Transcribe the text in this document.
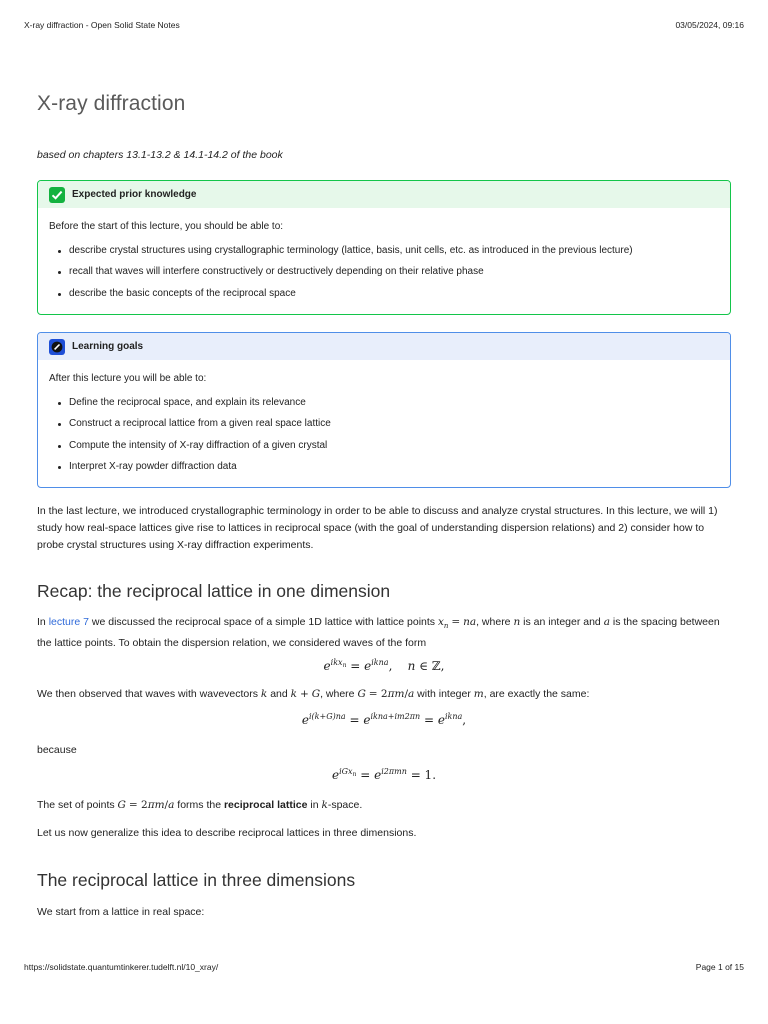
X-ray diffraction - Open Solid State Notes	03/05/2024, 09:16
X-ray diffraction
based on chapters 13.1-13.2 & 14.1-14.2 of the book
Expected prior knowledge

Before the start of this lecture, you should be able to:

describe crystal structures using crystallographic terminology (lattice, basis, unit cells, etc. as introduced in the previous lecture)
recall that waves will interfere constructively or destructively depending on their relative phase
describe the basic concepts of the reciprocal space
Learning goals

After this lecture you will be able to:

Define the reciprocal space, and explain its relevance
Construct a reciprocal lattice from a given real space lattice
Compute the intensity of X-ray diffraction of a given crystal
Interpret X-ray powder diffraction data
In the last lecture, we introduced crystallographic terminology in order to be able to discuss and analyze crystal structures. In this lecture, we will 1) study how real-space lattices give rise to lattices in reciprocal space (with the goal of understanding dispersion relations) and 2) consider how to probe crystal structures using X-ray diffraction experiments.
Recap: the reciprocal lattice in one dimension
In lecture 7 we discussed the reciprocal space of a simple 1D lattice with lattice points $x_n$ = na, where n is an integer and a is the spacing between the lattice points. To obtain the dispersion relation, we considered waves of the form
$e^{ikx_n} = e^{ikna}$,    n ∈ ℤ,
We then observed that waves with wavevectors k and k + G, where G = 2πm/a with integer m, are exactly the same:
$e^{i(k+G)na} = e^{ikna+im2\pi n} = e^{ikna}$,
because
$e^{iGx_n} = e^{i2\pi mn} = 1$.
The set of points G = 2πm/a forms the reciprocal lattice in k-space.
Let us now generalize this idea to describe reciprocal lattices in three dimensions.
The reciprocal lattice in three dimensions
We start from a lattice in real space:
https://solidstate.quantumtinkerer.tudelft.nl/10_xray/	Page 1 of 15
